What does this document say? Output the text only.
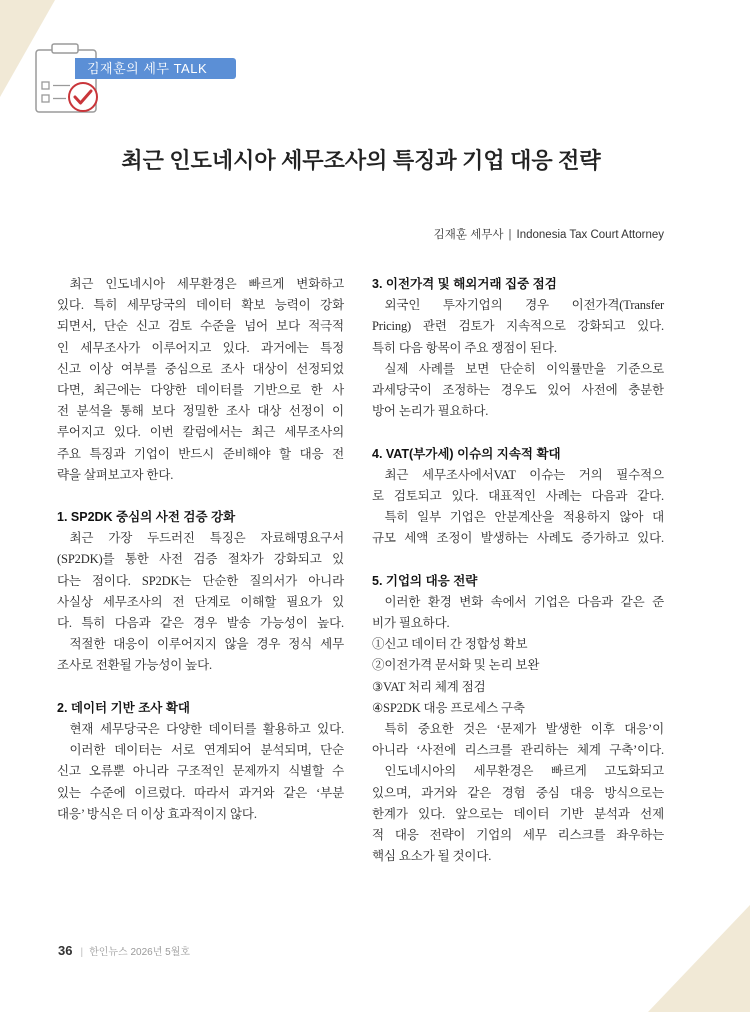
김재훈의 세무 TALK
최근 인도네시아 세무조사의 특징과 기업 대응 전략
김재훈 세무사 | Indonesia Tax Court Attorney
최근 인도네시아 세무환경은 빠르게 변화하고
있다. 특히 세무당국의 데이터 확보 능력이 강화
되면서, 단순 신고 검토 수준을 넘어 보다 적극적
인 세무조사가 이루어지고 있다. 과거에는 특정
신고 이상 여부를 중심으로 조사 대상이 선정되었
다면, 최근에는 다양한 데이터를 기반으로 한 사
전 분석을 통해 보다 정밀한 조사 대상 선정이 이
루어지고 있다. 이번 칼럼에서는 최근 세무조사의
주요 특징과 기업이 반드시 준비해야 할 대응 전
략을 살펴보고자 한다.
1. SP2DK 중심의 사전 검증 강화
최근 가장 두드러진 특징은 자료해명요구서
(SP2DK)를 통한 사전 검증 절차가 강화되고 있
다는 점이다. SP2DK는 단순한 질의서가 아니라
사실상 세무조사의 전 단계로 이해할 필요가 있
다. 특히 다음과 같은 경우 발송 가능성이 높다.
적절한 대응이 이루어지지 않을 경우 정식 세무
조사로 전환될 가능성이 높다.
2. 데이터 기반 조사 확대
현재 세무당국은 다양한 데이터를 활용하고 있다.
이러한 데이터는 서로 연계되어 분석되며, 단순
신고 오류뿐 아니라 구조적인 문제까지 식별할 수
있는 수준에 이르렀다. 따라서 과거와 같은 ‘부분
대응’ 방식은 더 이상 효과적이지 않다.
3. 이전가격 및 해외거래 집중 점검
외국인 투자기업의 경우 이전가격(Transfer
Pricing) 관련 검토가 지속적으로 강화되고 있다.
특히 다음 항목이 주요 쟁점이 된다.
실제 사례를 보면 단순히 이익률만을 기준으로
과세당국이 조정하는 경우도 있어 사전에 충분한
방어 논리가 필요하다.
4. VAT(부가세) 이슈의 지속적 확대
최근 세무조사에서VAT 이슈는 거의 필수적으
로 검토되고 있다. 대표적인 사례는 다음과 같다.
특히 일부 기업은 안분계산을 적용하지 않아 대
규모 세액 조정이 발생하는 사례도 증가하고 있다.
5. 기업의 대응 전략
이러한 환경 변화 속에서 기업은 다음과 같은 준
비가 필요하다.
①신고 데이터 간 정합성 확보
②이전가격 문서화 및 논리 보완
③VAT 처리 체계 점검
④SP2DK 대응 프로세스 구축
특히 중요한 것은 ‘문제가 발생한 이후 대응’이
아니라 ‘사전에 리스크를 관리하는 체계 구축’이다.
인도네시아의 세무환경은 빠르게 고도화되고
있으며, 과거와 같은 경험 중심 대응 방식으로는
한계가 있다. 앞으로는 데이터 기반 분석과 선제
적 대응 전략이 기업의 세무 리스크를 좌우하는
핵심 요소가 될 것이다.
36 | 한인뉴스 2026년 5월호
